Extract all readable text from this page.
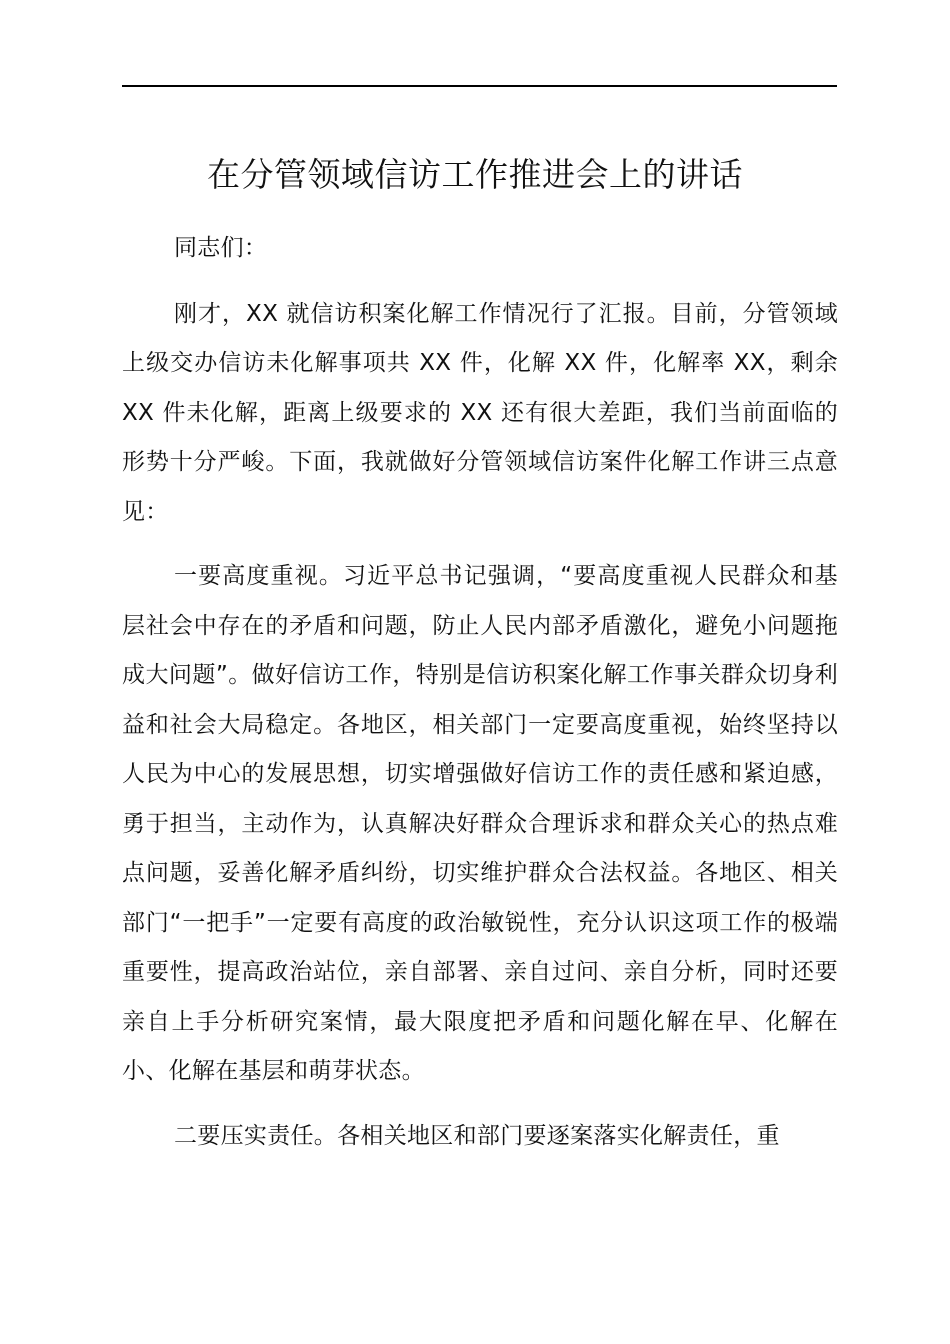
在分管领域信访工作推进会上的讲话

同志们：

刚才，XX 就信访积案化解工作情况行了汇报。目前，分管领域上级交办信访未化解事项共 XX 件，化解 XX 件，化解率 XX，剩余 XX 件未化解，距离上级要求的 XX 还有很大差距，我们当前面临的形势十分严峻。下面，我就做好分管领域信访案件化解工作讲三点意见：

一要高度重视。习近平总书记强调，“要高度重视人民群众和基层社会中存在的矛盾和问题，防止人民内部矛盾激化，避免小问题拖成大问题”。做好信访工作，特别是信访积案化解工作事关群众切身利益和社会大局稳定。各地区，相关部门一定要高度重视，始终坚持以人民为中心的发展思想，切实增强做好信访工作的责任感和紧迫感，勇于担当，主动作为，认真解决好群众合理诉求和群众关心的热点难点问题，妥善化解矛盾纠纷，切实维护群众合法权益。各地区、相关部门“一把手”一定要有高度的政治敏锐性，充分认识这项工作的极端重要性，提高政治站位，亲自部署、亲自过问、亲自分析，同时还要亲自上手分析研究案情，最大限度把矛盾和问题化解在早、化解在小、化解在基层和萌芽状态。

二要压实责任。各相关地区和部门要逐案落实化解责任，重
